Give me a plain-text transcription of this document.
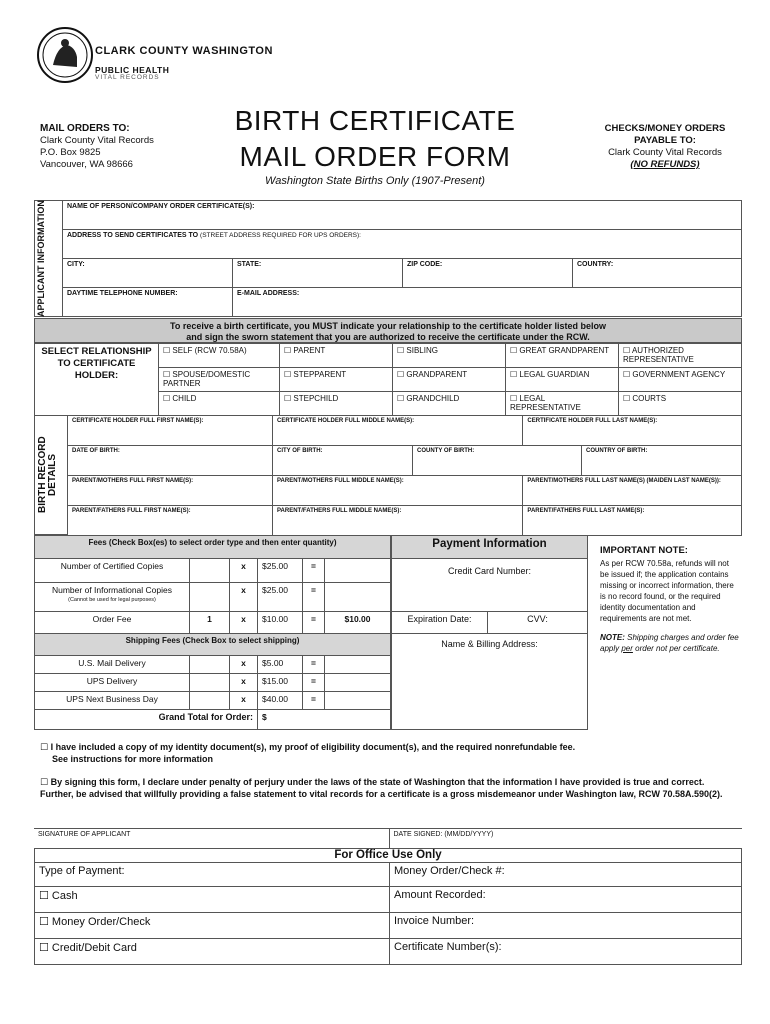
CLARK COUNTY WASHINGTON
PUBLIC HEALTH
VITAL RECORDS
MAIL ORDERS TO:
Clark County Vital Records
P.O. Box 9825
Vancouver, WA 98666
BIRTH CERTIFICATE
MAIL ORDER FORM
Washington State Births Only (1907-Present)
CHECKS/MONEY ORDERS
PAYABLE TO:
Clark County Vital Records
(NO REFUNDS)
APPLICANT INFORMATION	NAME OF PERSON/COMPANY ORDER CERTIFICATE(S):			
ADDRESS TO SEND CERTIFICATES TO (STREET ADDRESS REQUIRED FOR UPS ORDERS):			
CITY:	STATE:	ZIP CODE:	COUNTRY:
DAYTIME TELEPHONE NUMBER:	E-MAIL ADDRESS:		
To receive a birth certificate, you MUST indicate your relationship to the certificate holder listed below
and sign the sworn statement that you are authorized to receive the certificate under the RCW.
SELECT RELATIONSHIP TO CERTIFICATE HOLDER:	☐ SELF (RCW 70.58A)	☐ PARENT	☐ SIBLING	☐ GREAT GRANDPARENT	☐ AUTHORIZED REPRESENTATIVE
	☐ SPOUSE/DOMESTIC PARTNER	☐ STEPPARENT	☐ GRANDPARENT	☐ LEGAL GUARDIAN	☐ GOVERNMENT AGENCY
	☐ CHILD	☐ STEPCHILD	☐ GRANDCHILD	☐ LEGAL REPRESENTATIVE	☐ COURTS
BIRTH RECORD DETAILS
CERTIFICATE HOLDER FULL FIRST NAME(S):	CERTIFICATE HOLDER FULL MIDDLE NAME(S):		CERTIFICATE HOLDER FULL LAST NAME(S):	
DATE OF BIRTH:	CITY OF BIRTH:	COUNTY OF BIRTH:		COUNTRY OF BIRTH:
PARENT/MOTHERS FULL FIRST NAME(S):	PARENT/MOTHERS FULL MIDDLE NAME(S):		PARENT/MOTHERS FULL LAST NAME(S) (MAIDEN LAST NAME(S)):	
PARENT/FATHERS FULL FIRST NAME(S):	PARENT/FATHERS FULL MIDDLE NAME(S):		PARENT/FATHERS FULL LAST NAME(S):	
Fees (Check Box(es) to select order type and then enter quantity)					
Number of Certified Copies		x	$25.00	=	

Number of Informational Copies
(Cannot be used for legal purposes)		x	$25.00	=	
Order Fee	1	x	$10.00	=	$10.00
Shipping Fees (Check Box to select shipping)					
U.S. Mail Delivery		x	$5.00	=	
UPS Delivery		x	$15.00	=	
UPS Next Business Day		x	$40.00	=	
Grand Total for Order:			$		
Payment Information
Credit Card Number:
Expiration Date:	CVV:
Name & Billing Address:
IMPORTANT NOTE:
As per RCW 70.58a, refunds will not be issued if; the application contains missing or incorrect information, there is no record found, or the required identity documentation and requirements are not met.
NOTE: Shipping charges and order fee apply per order not per certificate.
☐ I have included a copy of my identity document(s), my proof of eligibility document(s), and the required nonrefundable fee.
See instructions for more information
☐ By signing this form, I declare under penalty of perjury under the laws of the state of Washington that the information I have provided is true and correct. Further, be advised that willfully providing a false statement to vital records for a certificate is a gross misdemeanor under Washington law, RCW 70.58A.590(2).
SIGNATURE OF APPLICANT	DATE SIGNED: (MM/DD/YYYY)
For Office Use Only	
Type of Payment:	Money Order/Check #:
☐ Cash	Amount Recorded:
☐ Money Order/Check	Invoice Number:
☐ Credit/Debit Card	Certificate Number(s):
